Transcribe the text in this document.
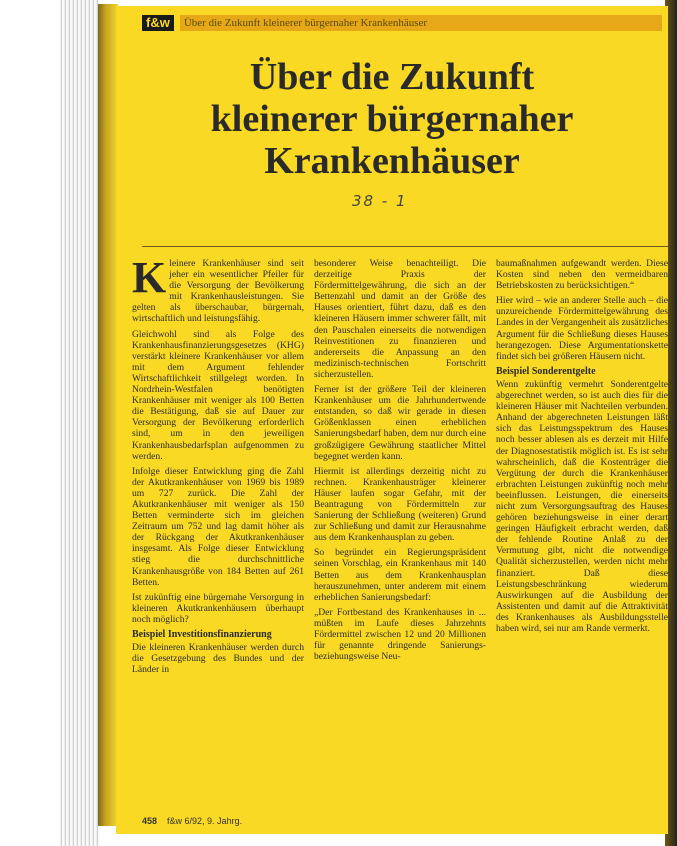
f&w	Über die Zukunft kleinerer bürgernaher Krankenhäuser
Über die Zukunft
kleinerer bürgernaher
Krankenhäuser
38 - 1

Kleinere Krankenhäuser sind seit jeher ein wesentlicher Pfeiler für die Versorgung der Bevölkerung mit Krankenhausleistungen. Sie gelten als überschaubar, bürgernah, wirtschaftlich und leistungsfähig.

Gleichwohl sind als Folge des Krankenhausfinanzierungsgesetzes (KHG) verstärkt kleinere Krankenhäuser vor allem mit dem Argument fehlender Wirtschaftlichkeit stillgelegt worden. In Nordrhein-Westfalen benötigten Krankenhäuser mit weniger als 100 Betten die Bestätigung, daß sie auf Dauer zur Versorgung der Bevölkerung erforderlich sind, um in den jeweiligen Krankenhausbedarfsplan aufgenommen zu werden.

Infolge dieser Entwicklung ging die Zahl der Akutkrankenhäuser von 1969 bis 1989 um 727 zurück. Die Zahl der Akutkrankenhäuser mit weniger als 150 Betten verminderte sich im gleichen Zeitraum um 752 und lag damit höher als der Rückgang der Akutkrankenhäuser insgesamt. Als Folge dieser Entwicklung stieg die durchschnittliche Krankenhausgröße von 184 Betten auf 261 Betten.

Ist zukünftig eine bürgernahe Versorgung in kleineren Akutkrankenhäusern überhaupt noch möglich?

Beispiel Investitionsfinanzierung

Die kleineren Krankenhäuser werden durch die Gesetzgebung des Bundes und der Länder in

besonderer Weise benachteiligt. Die derzeitige Praxis der Fördermittelgewährung, die sich an der Bettenzahl und damit an der Größe des Hauses orientiert, führt dazu, daß es den kleineren Häusern immer schwerer fällt, mit den Pauschalen einerseits die notwendigen Reinvestitionen zu finanzieren und andererseits die Anpassung an den medizinisch-technischen Fortschritt sicherzustellen.

Ferner ist der größere Teil der kleineren Krankenhäuser um die Jahrhundertwende entstanden, so daß wir gerade in diesen Größenklassen einen erheblichen Sanierungsbedarf haben, dem nur durch eine großzügigere Gewährung staatlicher Mittel begegnet werden kann.

Hiermit ist allerdings derzeitig nicht zu rechnen. Krankenhausträger kleinerer Häuser laufen sogar Gefahr, mit der Beantragung von Fördermitteln zur Sanierung der Schließung (weiteren) Grund zur Schließung und damit zur Herausnahme aus dem Krankenhausplan zu geben.

So begründet ein Regierungspräsident seinen Vorschlag, ein Krankenhaus mit 140 Betten aus dem Krankenhausplan herauszunehmen, unter anderem mit einem erheblichen Sanierungsbedarf:

„Der Fortbestand des Krankenhauses in ... müßten im Laufe dieses Jahrzehnts Fördermittel zwischen 12 und 20 Millionen für genannte dringende Sanierungs- beziehungsweise Neu-

baumaßnahmen aufgewandt werden. Diese Kosten sind neben den vermeidbaren Betriebskosten zu berücksichtigen.“

Hier wird – wie an anderer Stelle auch – die unzureichende Fördermittelgewährung des Landes in der Vergangenheit als zusätzliches Argument für die Schließung dieses Hauses herangezogen. Diese Argumentationskette findet sich bei größeren Häusern nicht.

Beispiel Sonderentgelte

Wenn zukünftig vermehrt Sonderentgelte abgerechnet werden, so ist auch dies für die kleineren Häuser mit Nachteilen verbunden. Anhand der abgerechneten Leistungen läßt sich das Leistungsspektrum des Hauses noch besser ablesen als es derzeit mit Hilfe der Diagnosestatistik möglich ist. Es ist sehr wahrscheinlich, daß die Kostenträger die Vergütung der durch die Krankenhäuser erbrachten Leistungen zukünftig noch mehr beeinflussen. Leistungen, die einerseits nicht zum Versorgungsauftrag des Hauses gehören beziehungsweise in einer derart geringen Häufigkeit erbracht werden, daß der fehlende Routine Anlaß zu der Vermutung gibt, nicht die notwendige Qualität sicherzustellen, werden nicht mehr finanziert. Daß diese Leistungsbeschränkung wiederum Auswirkungen auf die Ausbildung der Assistenten und damit auf die Attraktivität des Krankenhauses als Ausbildungsstelle haben wird, sei nur am Rande vermerkt.

458 f&w 6/92, 9. Jahrg.
